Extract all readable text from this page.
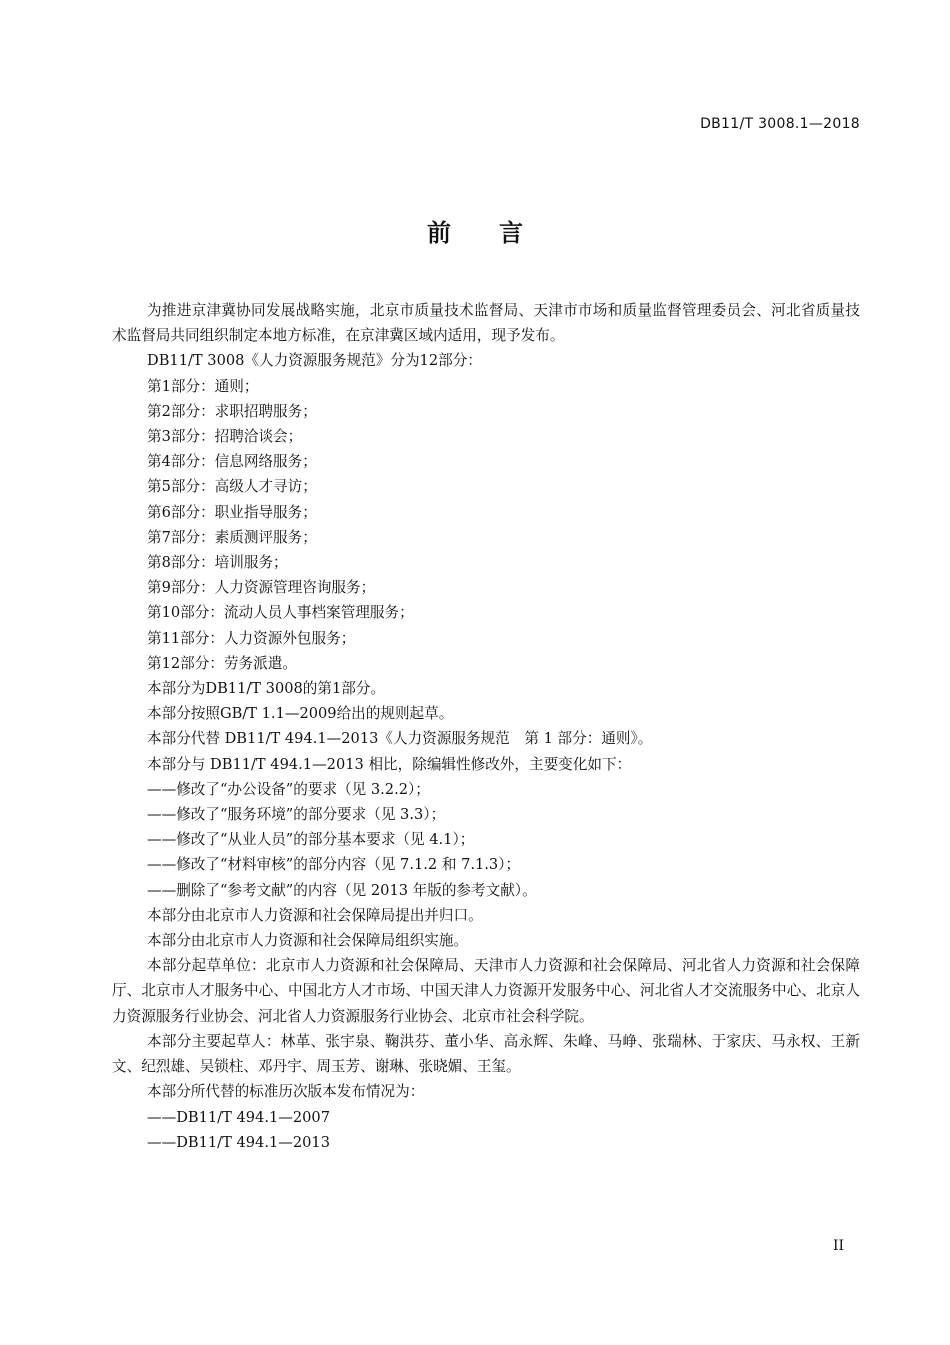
DB11/T 3008.1—2018
前言

为推进京津冀协同发展战略实施，北京市质量技术监督局、天津市市场和质量监督管理委员会、河北省质量技术监督局共同组织制定本地方标准，在京津冀区域内适用，现予发布。

DB11/T 3008《人力资源服务规范》分为12部分：

第1部分：通则；

第2部分：求职招聘服务；

第3部分：招聘洽谈会；

第4部分：信息网络服务；

第5部分：高级人才寻访；

第6部分：职业指导服务；

第7部分：素质测评服务；

第8部分：培训服务；

第9部分：人力资源管理咨询服务；

第10部分：流动人员人事档案管理服务；

第11部分：人力资源外包服务；

第12部分：劳务派遣。

本部分为DB11/T 3008的第1部分。

本部分按照GB/T 1.1—2009给出的规则起草。

本部分代替 DB11/T 494.1—2013《人力资源服务规范　第 1 部分：通则》。

本部分与 DB11/T 494.1—2013 相比，除编辑性修改外，主要变化如下：

——修改了“办公设备”的要求（见 3.2.2）；

——修改了“服务环境”的部分要求（见 3.3）；

——修改了“从业人员”的部分基本要求（见 4.1）；

——修改了“材料审核”的部分内容（见 7.1.2 和 7.1.3）；

——删除了“参考文献”的内容（见 2013 年版的参考文献）。

本部分由北京市人力资源和社会保障局提出并归口。

本部分由北京市人力资源和社会保障局组织实施。

本部分起草单位：北京市人力资源和社会保障局、天津市人力资源和社会保障局、河北省人力资源和社会保障厅、北京市人才服务中心、中国北方人才市场、中国天津人力资源开发服务中心、河北省人才交流服务中心、北京人力资源服务行业协会、河北省人力资源服务行业协会、北京市社会科学院。

本部分主要起草人：林革、张宇泉、鞠洪芬、董小华、高永辉、朱峰、马峥、张瑞林、于家庆、马永权、王新文、纪烈雄、吴锁柱、邓丹宇、周玉芳、谢琳、张晓媚、王玺。

本部分所代替的标准历次版本发布情况为：

——DB11/T 494.1—2007

——DB11/T 494.1—2013

II
